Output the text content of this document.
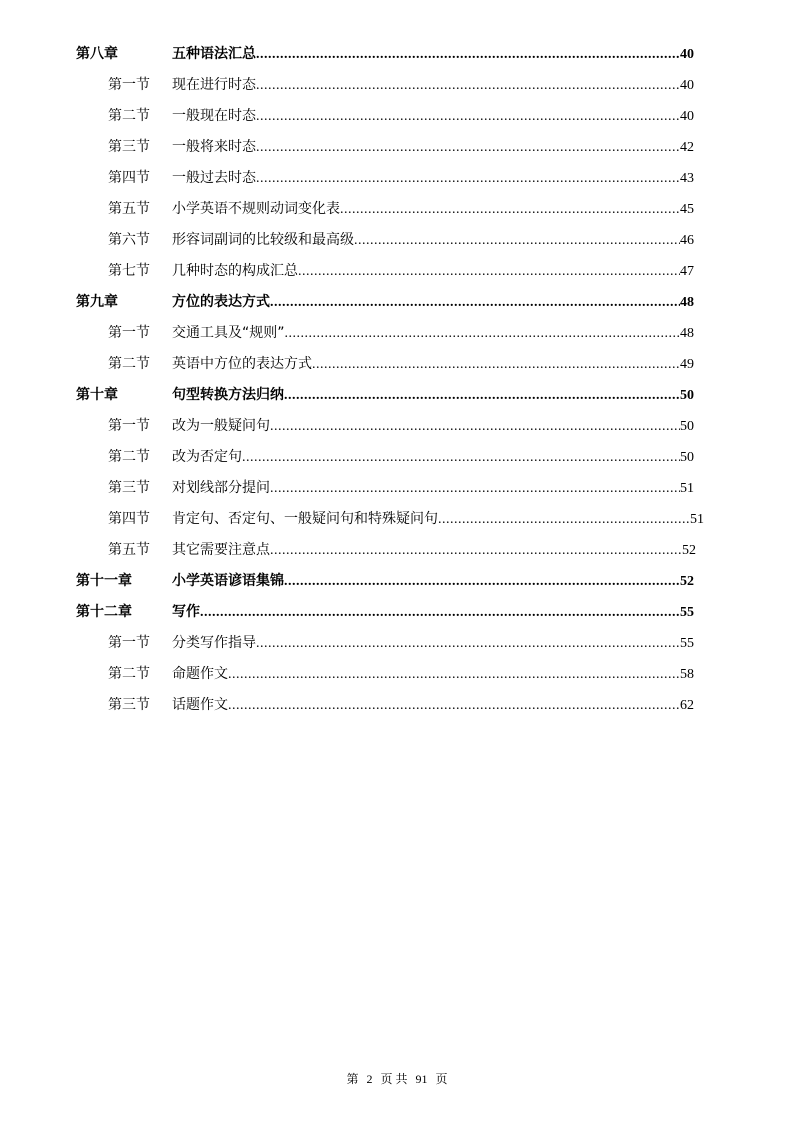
第八章	五种语法汇总 .....	40
第一节	现在进行时态 .....	40
第二节	一般现在时态 .....	40
第三节	一般将来时态 .....	42
第四节	一般过去时态 .....	43
第五节	小学英语不规则动词变化表 .....	45
第六节	形容词副词的比较级和最高级 .....	46
第七节	几种时态的构成汇总 .....	47
第九章	方位的表达方式 .....	48
第一节	交通工具及“规则” .....	48
第二节	英语中方位的表达方式 .....	49
第十章	句型转换方法归纳 .....	50
第一节	改为一般疑问句 .....	50
第二节	改为否定句 .....	50
第三节	对划线部分提问 .....	51
第四节	肯定句、否定句、一般疑问句和特殊疑问句 .....	51
第五节	其它需要注意点 .....	52
第十一章	小学英语谚语集锦 .....	52
第十二章	写作 .....	55
第一节	分类写作指导 .....	55
第二节	命题作文 .....	58
第三节	话题作文 .....	62
第 2 页 共 91 页
